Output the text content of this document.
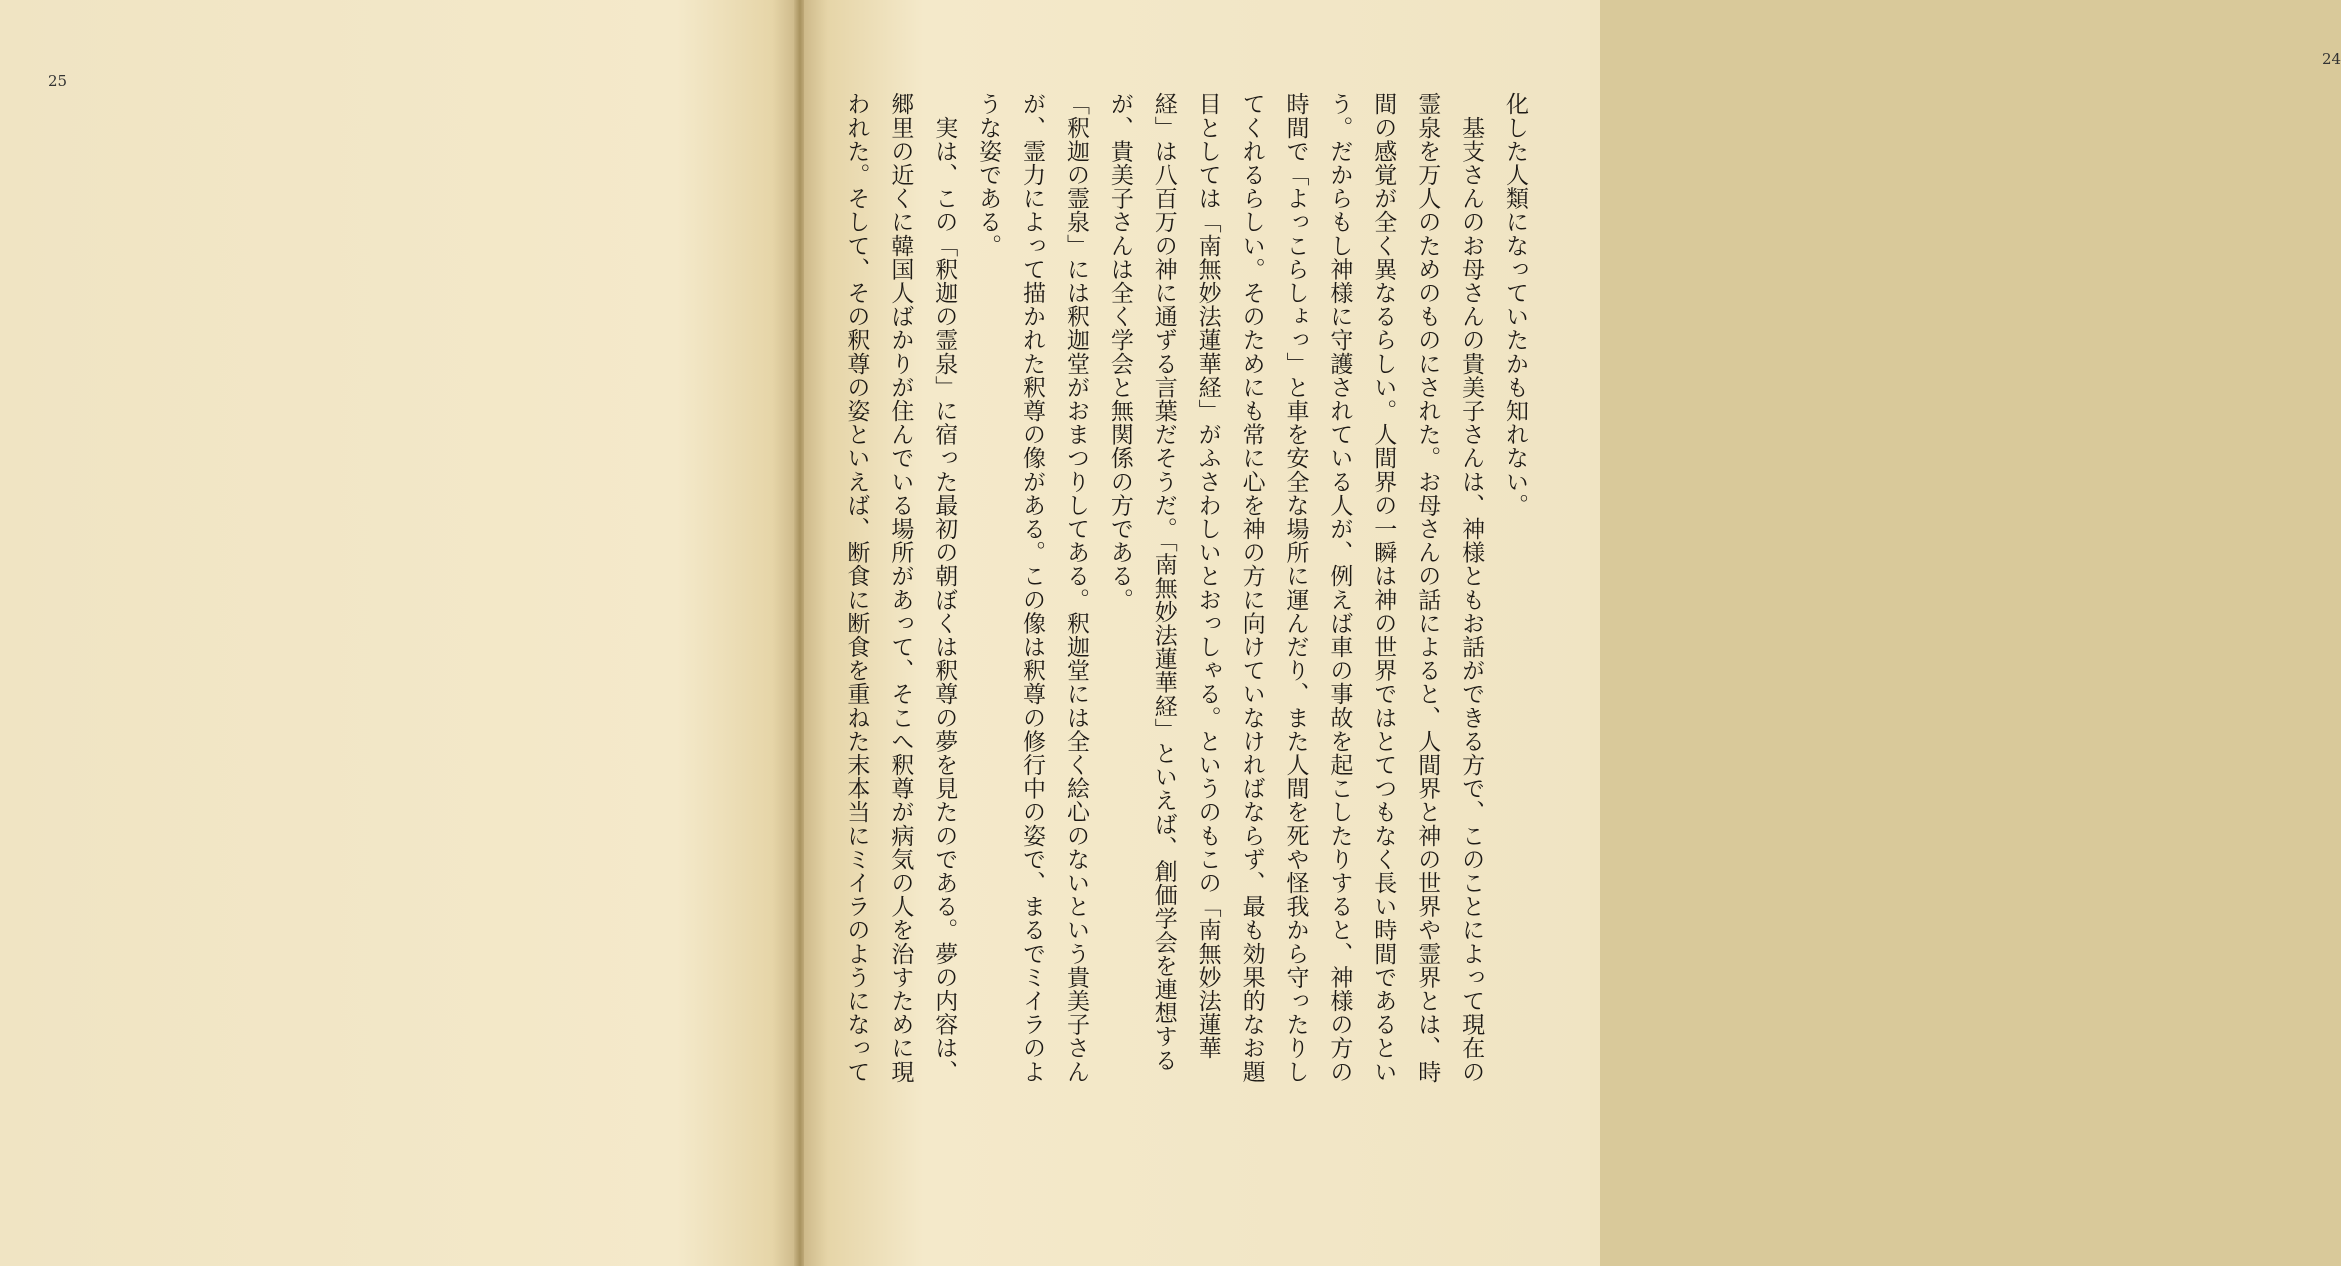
25

24

化した人類になっていたかも知れない。

　基支さんのお母さんの貴美子さんは、神様ともお話ができる方で、このことによって現在の

霊泉を万人のためのものにされた。お母さんの話によると、人間界と神の世界や霊界とは、時

間の感覚が全く異なるらしい。人間界の一瞬は神の世界ではとてつもなく長い時間であるとい

う。だからもし神様に守護されている人が、例えば車の事故を起こしたりすると、神様の方の

時間で「よっこらしょっ」と車を安全な場所に運んだり、また人間を死や怪我から守ったりし

てくれるらしい。そのためにも常に心を神の方に向けていなければならず、最も効果的なお題

目としては「南無妙法蓮華経」がふさわしいとおっしゃる。というのもこの「南無妙法蓮華

経」は八百万の神に通ずる言葉だそうだ。「南無妙法蓮華経」といえば、創価学会を連想する

が、貴美子さんは全く学会と無関係の方である。

「釈迦の霊泉」には釈迦堂がおまつりしてある。釈迦堂には全く絵心のないという貴美子さん

が、霊力によって描かれた釈尊の像がある。この像は釈尊の修行中の姿で、まるでミイラのよ

うな姿である。

　実は、この「釈迦の霊泉」に宿った最初の朝ぼくは釈尊の夢を見たのである。夢の内容は、

郷里の近くに韓国人ばかりが住んでいる場所があって、そこへ釈尊が病気の人を治すために現

われた。そして、その釈尊の姿といえば、断食に断食を重ねた末本当にミイラのようになって
